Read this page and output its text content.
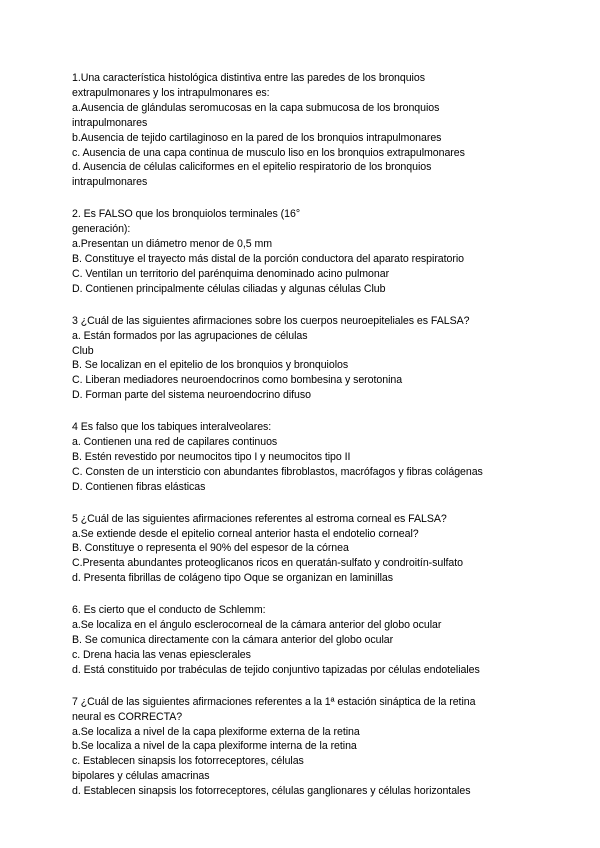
1.Una característica histológica distintiva entre las paredes de los bronquios
extrapulmonares y los intrapulmonares es:
a.Ausencia de glándulas seromucosas en la capa submucosa de los bronquios
intrapulmonares
b.Ausencia de tejido cartilaginoso en la pared de los bronquios intrapulmonares
c. Ausencia de una capa continua de musculo liso en los bronquios extrapulmonares
d. Ausencia de células caliciformes en el epitelio respiratorio de los bronquios
intrapulmonares
2. Es FALSO que los bronquiolos terminales (16°
generación):
a.Presentan un diámetro menor de 0,5 mm
B. Constituye el trayecto más distal de la porción conductora del aparato respiratorio
C. Ventilan un territorio del parénquima denominado acino pulmonar
D. Contienen principalmente células ciliadas y algunas células Club
3 ¿Cuál de las siguientes afirmaciones sobre los cuerpos neuroepiteliales es FALSA?
a. Están formados por las agrupaciones de células
Club
B. Se localizan en el epitelio de los bronquios y bronquiolos
C. Liberan mediadores neuroendocrinos como bombesina y serotonina
D. Forman parte del sistema neuroendocrino difuso
4 Es falso que los tabiques interalveolares:
a. Contienen una red de capilares continuos
B. Estén revestido por neumocitos tipo I y neumocitos tipo II
C. Consten de un intersticio con abundantes fibroblastos, macrófagos y fibras colágenas
D. Contienen fibras elásticas
5 ¿Cuál de las siguientes afirmaciones referentes al estroma corneal es FALSA?
a.Se extiende desde el epitelio corneal anterior hasta el endotelio corneal?
B. Constituye o representa el 90% del espesor de la córnea
C.Presenta abundantes proteoglicanos ricos en queratán-sulfato y condroitín-sulfato
d. Presenta fibrillas de colágeno tipo Oque se organizan en laminillas
6. Es cierto que el conducto de Schlemm:
a.Se localiza en el ángulo esclerocorneal de la cámara anterior del globo ocular
B. Se comunica directamente con la cámara anterior del globo ocular
c. Drena hacia las venas epiesclerales
d. Está constituido por trabéculas de tejido conjuntivo tapizadas por células endoteliales
7 ¿Cuál de las siguientes afirmaciones referentes a la 1ª estación sináptica de la retina
neural es CORRECTA?
a.Se localiza a nivel de la capa plexiforme externa de la retina
b.Se localiza a nivel de la capa plexiforme interna de la retina
c. Establecen sinapsis los fotorreceptores, células
bipolares y células amacrinas
d. Establecen sinapsis los fotorreceptores, células ganglionares y células horizontales
